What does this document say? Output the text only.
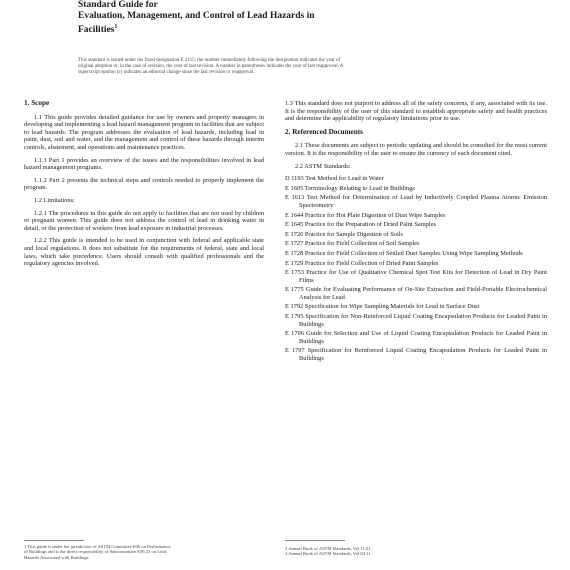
Standard Guide for
Evaluation, Management, and Control of Lead Hazards in
Facilities$^1$
This standard is issued under the fixed designation E 2115; the number immediately following the designation indicates the year of
original adoption or, in the case of revision, the year of last revision. A number in parentheses indicates the year of last reapproval. A
superscript epsilon (ε) indicates an editorial change since the last revision or reapproval.
1. Scope

1.1 This guide provides detailed guidance for use by owners and property managers in developing and implementing a lead hazard management program in facilities that are subject to lead hazards. The program addresses the evaluation of lead hazards, including lead in paint, dust, soil and water, and the management and control of these hazards through interim controls, abatement, and operations and maintenance practices.

1.1.1 Part 1 provides an overview of the issues and the responsibilities involved in lead hazard management programs.

1.1.2 Part 2 presents the technical steps and controls needed to properly implement the program.

1.2 Limitations:

1.2.1 The procedures in this guide do not apply to facilities that are not used by children or pregnant women. This guide does not address the control of lead in drinking water in detail, or the protection of workers from lead exposure in industrial processes.

1.2.2 This guide is intended to be used in conjunction with federal and applicable state and local regulations. It does not substitute for the requirements of federal, state and local laws, which take precedence. Users should consult with qualified professionals and the regulatory agencies involved.

1.3 This standard does not purport to address all of the safety concerns, if any, associated with its use. It is the responsibility of the user of this standard to establish appropriate safety and health practices and determine the applicability of regulatory limitations prior to use.

2. Referenced Documents

2.1 These documents are subject to periodic updating and should be consulted for the most current version. It is the responsibility of the user to ensure the currency of each document cited.

2.2 ASTM Standards:

D 1193 Test Method for Lead in Water
E 1605 Terminology Relating to Lead in Buildings
E 1613 Test Method for Determination of Lead by Inductively Coupled Plasma Atomic Emission Spectrometry
E 1644 Practice for Hot Plate Digestion of Dust Wipe Samples
E 1645 Practice for the Preparation of Dried Paint Samples
E 1726 Practice for Sample Digestion of Soils
E 1727 Practice for Field Collection of Soil Samples
E 1728 Practice for Field Collection of Settled Dust Samples Using Wipe Sampling Methods
E 1729 Practice for Field Collection of Dried Paint Samples
E 1753 Practice for Use of Qualitative Chemical Spot Test Kits for Detection of Lead in Dry Paint Films
E 1775 Guide for Evaluating Performance of On-Site Extraction and Field-Portable Electrochemical Analysis for Lead
E 1792 Specification for Wipe Sampling Materials for Lead in Surface Dust
E 1795 Specification for Non-Reinforced Liquid Coating Encapsulation Products for Leaded Paint in Buildings
E 1796 Guide for Selection and Use of Liquid Coating Encapsulation Products for Leaded Paint in Buildings
E 1797 Specification for Reinforced Liquid Coating Encapsulation Products for Leaded Paint in Buildings
1 This guide is under the jurisdiction of ASTM Committee E06 on Performance
of Buildings and is the direct responsibility of Subcommittee E06.23 on Lead
Hazards Associated with Buildings.
2 Annual Book of ASTM Standards, Vol 11.01.
3 Annual Book of ASTM Standards, Vol 04.11.
